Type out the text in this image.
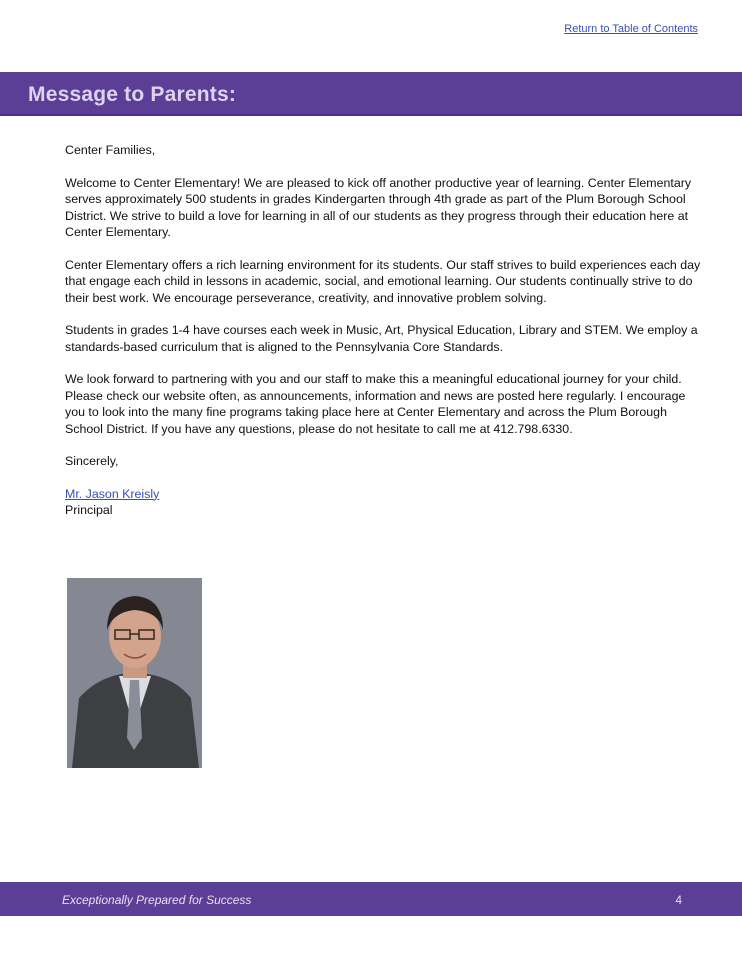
Return to Table of Contents
Message to Parents:

Center Families,

Welcome to Center Elementary! We are pleased to kick off another productive year of learning. Center Elementary serves approximately 500 students in grades Kindergarten through 4th grade as part of the Plum Borough School District. We strive to build a love for learning in all of our students as they progress through their education here at Center Elementary.

Center Elementary offers a rich learning environment for its students. Our staff strives to build experiences each day that engage each child in lessons in academic, social, and emotional learning. Our students continually strive to do their best work. We encourage perseverance, creativity, and innovative problem solving.

Students in grades 1-4 have courses each week in Music, Art, Physical Education, Library and STEM. We employ a standards-based curriculum that is aligned to the Pennsylvania Core Standards.

We look forward to partnering with you and our staff to make this a meaningful educational journey for your child. Please check our website often, as announcements, information and news are posted here regularly. I encourage you to look into the many fine programs taking place here at Center Elementary and across the Plum Borough School District. If you have any questions, please do not hesitate to call me at 412.798.6330.

Sincerely,

Mr. Jason Kreisly
Principal
Exceptionally Prepared for Success	4
